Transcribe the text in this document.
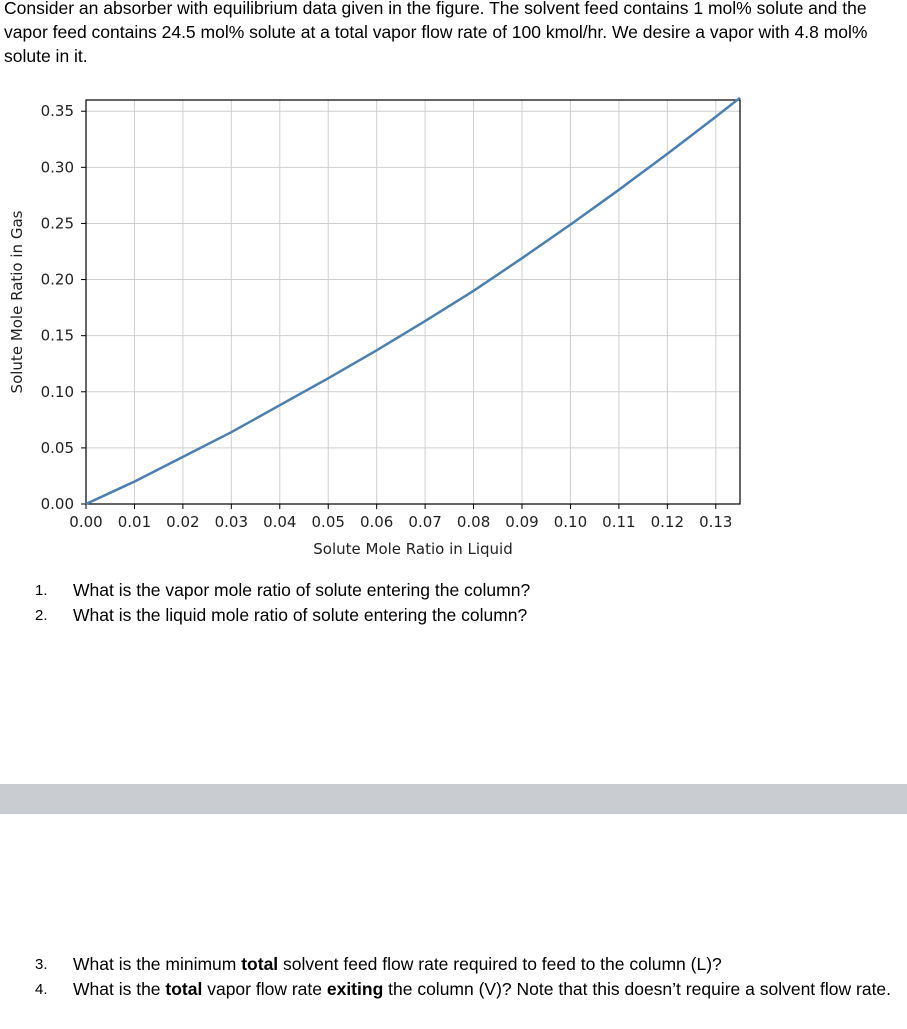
Consider an absorber with equilibrium data given in the figure. The solvent feed contains 1 mol% solute and the vapor feed contains 24.5 mol% solute at a total vapor flow rate of 100 kmol/hr. We desire a vapor with 4.8 mol% solute in it.

0.00 0.01 0.02 0.03 0.04 0.05 0.06 0.07 0.08 0.09 0.10 0.11 0.12 0.13
0.00
0.05
0.10
0.15
0.20
0.25
0.30
0.35
Solute Mole Ratio in Liquid
Solute Mole Ratio in Gas
1. What is the vapor mole ratio of solute entering the column?
2. What is the liquid mole ratio of solute entering the column?
3. What is the minimum total solvent feed flow rate required to feed to the column (L)?
4. What is the total vapor flow rate exiting the column (V)? Note that this doesn’t require a solvent flow rate.
